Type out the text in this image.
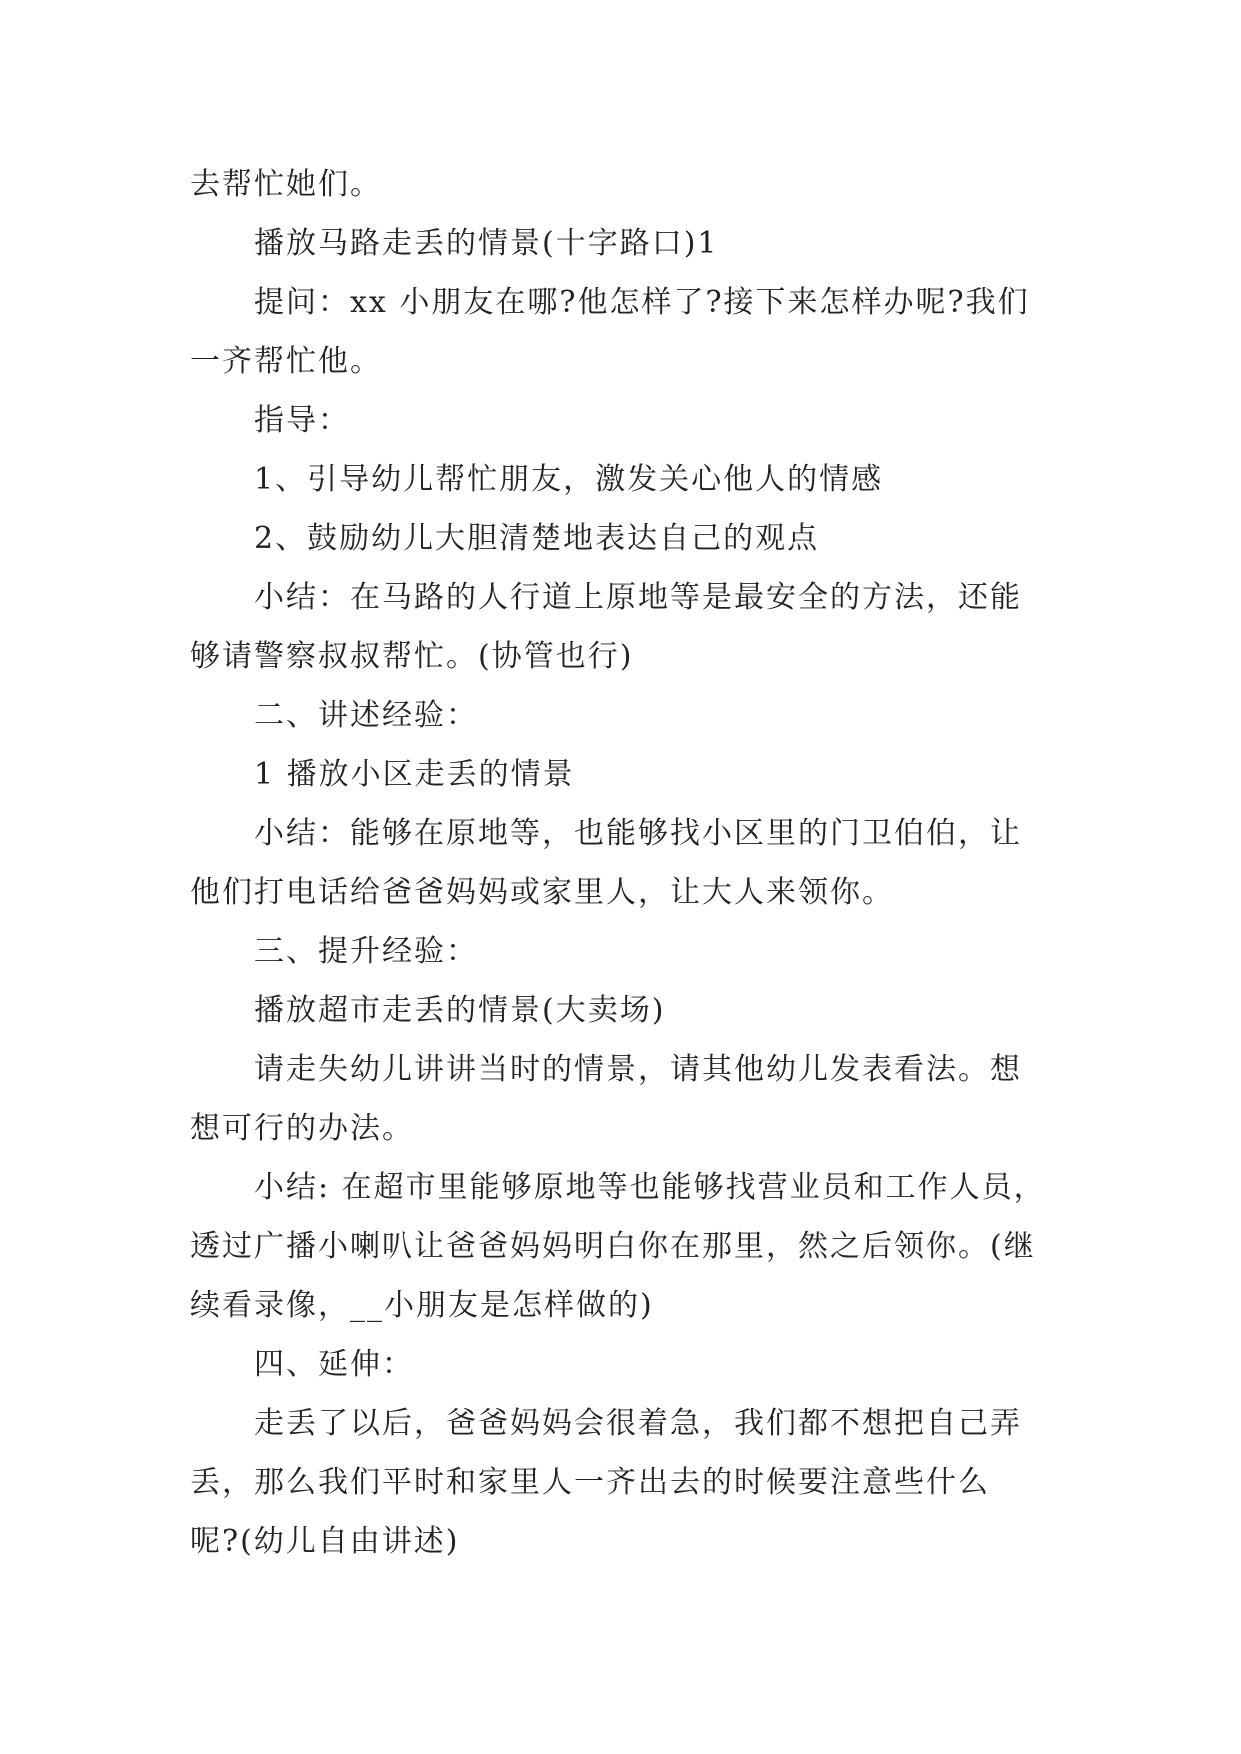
去帮忙她们。

播放马路走丢的情景(十字路口)1

提问：xx 小朋友在哪?他怎样了?接下来怎样办呢?我们

一齐帮忙他。

指导：

1、引导幼儿帮忙朋友，激发关心他人的情感

2、鼓励幼儿大胆清楚地表达自己的观点

小结：在马路的人行道上原地等是最安全的方法，还能

够请警察叔叔帮忙。(协管也行)

二、讲述经验：

1 播放小区走丢的情景

小结：能够在原地等，也能够找小区里的门卫伯伯，让

他们打电话给爸爸妈妈或家里人，让大人来领你。

三、提升经验：

播放超市走丢的情景(大卖场)

请走失幼儿讲讲当时的情景，请其他幼儿发表看法。想

想可行的办法。

小结: 在超市里能够原地等也能够找营业员和工作人员，

透过广播小喇叭让爸爸妈妈明白你在那里，然之后领你。(继

续看录像，__小朋友是怎样做的)

四、延伸：

走丢了以后，爸爸妈妈会很着急，我们都不想把自己弄

丢，那么我们平时和家里人一齐出去的时候要注意些什么

呢?(幼儿自由讲述)
